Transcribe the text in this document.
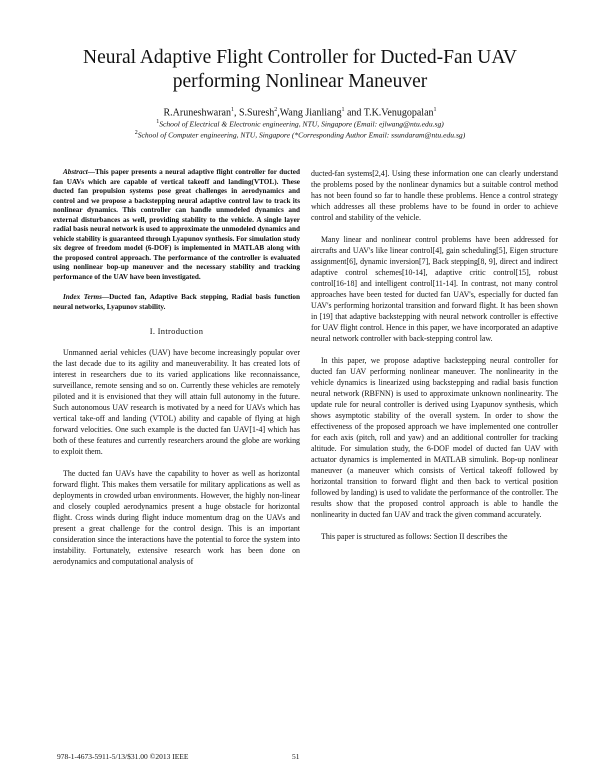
Neural Adaptive Flight Controller for Ducted-Fan UAV
performing Nonlinear Maneuver
R.Aruneshwaran$^1$, S.Suresh$^2$,Wang Jianliang$^1$ and T.K.Venugopalan$^1$
$^1$School of Electrical & Electronic engineering, NTU, Singapore (Email: ejlwang@ntu.edu.sg)
$^2$School of Computer engineering, NTU, Singapore (*Corresponding Author Email: ssundaram@ntu.edu.sg)

Abstract—This paper presents a neural adaptive flight controller for ducted fan UAVs which are capable of vertical takeoff and landing(VTOL). These ducted fan propulsion systems pose great challenges in aerodynamics and control and we propose a backstepping neural adaptive control law to track its nonlinear dynamics. This controller can handle unmodeled dynamics and external disturbances as well, providing stability to the vehicle. A single layer radial basis neural network is used to approximate the unmodeled dynamics and vehicle stability is guaranteed through Lyapunov synthesis. For simulation study six degree of freedom model (6-DOF) is implemented in MATLAB along with the proposed control approach. The performance of the controller is evaluated using nonlinear bop-up maneuver and the necessary stability and tracking performance of the UAV have been investigated.

Index Terms—Ducted fan, Adaptive Back stepping, Radial basis function neural networks, Lyapunov stability.

I. Introduction

Unmanned aerial vehicles (UAV) have become increasingly popular over the last decade due to its agility and maneuverability. It has created lots of interest in researchers due to its varied applications like reconnaissance, surveillance, remote sensing and so on. Currently these vehicles are remotely piloted and it is envisioned that they will attain full autonomy in the future. Such autonomous UAV research is motivated by a need for UAVs which has vertical take-off and landing (VTOL) ability and capable of flying at high forward velocities. One such example is the ducted fan UAV[1-4] which has both of these features and currently researchers around the globe are working to exploit them.

The ducted fan UAVs have the capability to hover as well as horizontal forward flight. This makes them versatile for military applications as well as deployments in crowded urban environments. However, the highly non-linear and closely coupled aerodynamics present a huge obstacle for horizontal flight. Cross winds during flight induce momentum drag on the UAVs and present a great challenge for the control design. This is an important consideration since the interactions have the potential to force the system into instability. Fortunately, extensive research work has been done on aerodynamics and computational analysis of

ducted-fan systems[2,4]. Using these information one can clearly understand the problems posed by the nonlinear dynamics but a suitable control method has not been found so far to handle these problems. Hence a control strategy which addresses all these problems have to be found in order to achieve control and stability of the vehicle.

Many linear and nonlinear control problems have been addressed for aircrafts and UAV's like linear control[4], gain scheduling[5], Eigen structure assignment[6], dynamic inversion[7], Back stepping[8, 9], direct and indirect adaptive control schemes[10-14], adaptive critic control[15], robust control[16-18] and intelligent control[11-14]. In contrast, not many control approaches have been tested for ducted fan UAV's, especially for ducted fan UAV's performing horizontal transition and forward flight. It has been shown in [19] that adaptive backstepping with neural network controller is effective for UAV flight control. Hence in this paper, we have incorporated an adaptive neural network controller with back-stepping control law.

In this paper, we propose adaptive backstepping neural controller for ducted fan UAV performing nonlinear maneuver. The nonlinearity in the vehicle dynamics is linearized using backstepping and radial basis function neural network (RBFNN) is used to approximate unknown nonlinearity. The update rule for neural controller is derived using Lyapunov synthesis, which shows asymptotic stability of the overall system. In order to show the effectiveness of the proposed approach we have implemented one controller for each axis (pitch, roll and yaw) and an additional controller for tracking altitude. For simulation study, the 6-DOF model of ducted fan UAV with actuator dynamics is implemented in MATLAB simulink. Bop-up nonlinear maneuver (a maneuver which consists of Vertical takeoff followed by horizontal transition to forward flight and then back to vertical position followed by landing) is used to validate the performance of the controller. The results show that the proposed control approach is able to handle the nonlinearity in ducted fan UAV and track the given command accurately.

This paper is structured as follows: Section II describes the

978-1-4673-5911-5/13/$31.00 ©2013 IEEE	51
